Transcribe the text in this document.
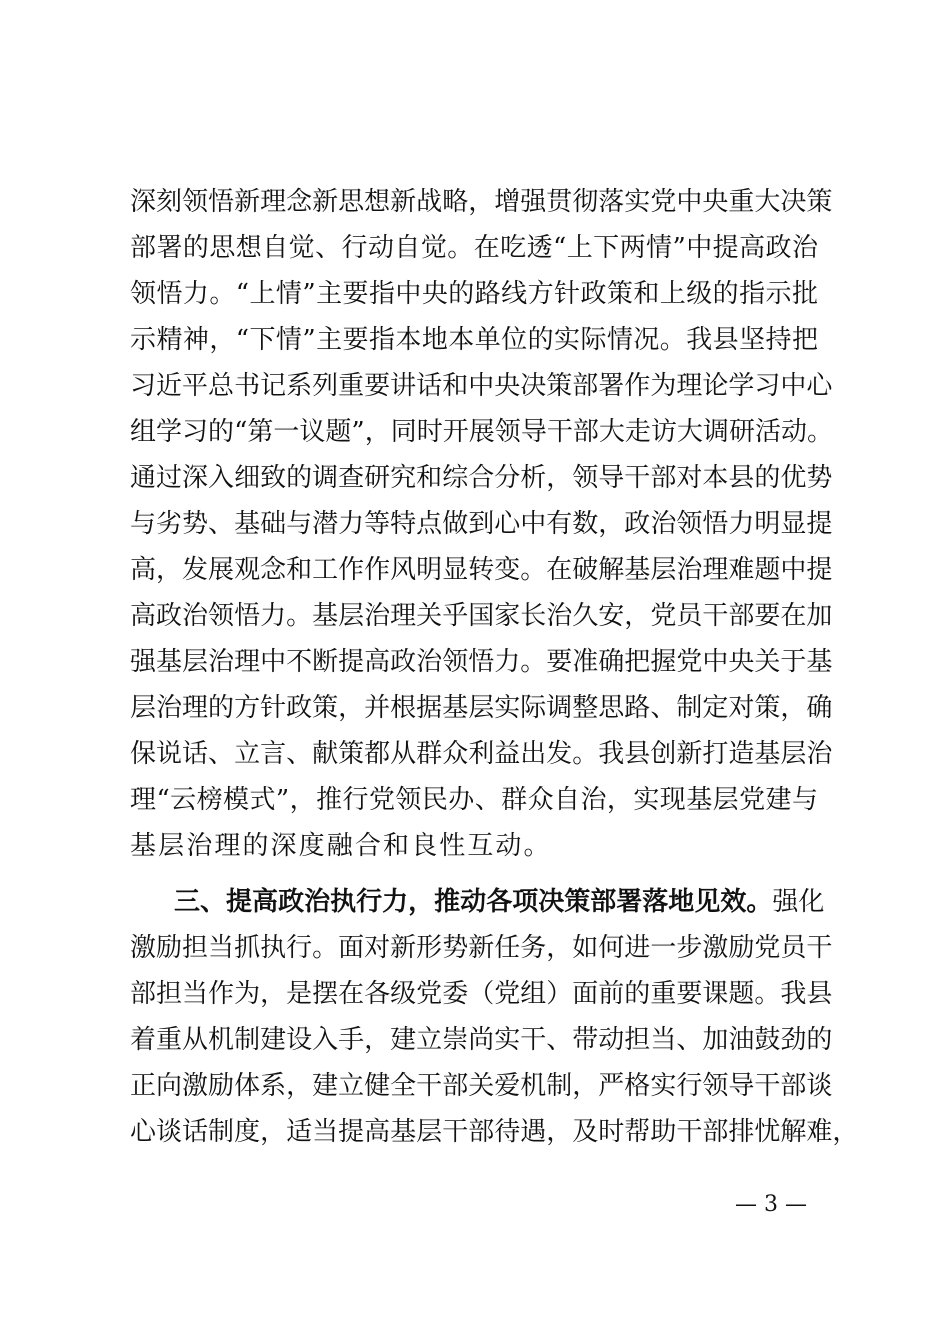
深 刻 领 悟 新 理 念 新 思 想 新 战 略 ， 增 强 贯 彻 落 实 党 中 央 重 大 决 策
部 署 的 思 想 自 觉 、 行 动 自 觉 。 在 吃 透 “ 上 下 两 情 ” 中 提 高 政 治
领 悟 力 。 “ 上 情 ” 主 要 指 中 央 的 路 线 方 针 政 策 和 上 级 的 指 示 批
示 精 神 ， “ 下 情 ” 主 要 指 本 地 本 单 位 的 实 际 情 况 。 我 县 坚 持 把
习 近 平 总 书 记 系 列 重 要 讲 话 和 中 央 决 策 部 署 作 为 理 论 学 习 中 心
组 学 习 的 “ 第 一 议 题 ” ， 同 时 开 展 领 导 干 部 大 走 访 大 调 研 活 动 。
通 过 深 入 细 致 的 调 查 研 究 和 综 合 分 析 ， 领 导 干 部 对 本 县 的 优 势
与 劣 势 、 基 础 与 潜 力 等 特 点 做 到 心 中 有 数 ， 政 治 领 悟 力 明 显 提
高 ， 发 展 观 念 和 工 作 作 风 明 显 转 变 。 在 破 解 基 层 治 理 难 题 中 提
高 政 治 领 悟 力 。 基 层 治 理 关 乎 国 家 长 治 久 安 ， 党 员 干 部 要 在 加
强 基 层 治 理 中 不 断 提 高 政 治 领 悟 力 。 要 准 确 把 握 党 中 央 关 于 基
层 治 理 的 方 针 政 策 ， 并 根 据 基 层 实 际 调 整 思 路 、 制 定 对 策 ， 确
保 说 话 、 立 言 、 献 策 都 从 群 众 利 益 出 发 。 我 县 创 新 打 造 基 层 治
理 “ 云 榜 模 式 ” ， 推 行 党 领 民 办 、 群 众 自 治 ， 实 现 基 层 党 建 与
基 层 治 理 的 深 度 融 合 和 良 性 互 动 。
三 、 提 高 政 治 执 行 力 ， 推 动 各 项 决 策 部 署 落 地 见 效 。 强 化
激 励 担 当 抓 执 行 。 面 对 新 形 势 新 任 务 ， 如 何 进 一 步 激 励 党 员 干
部 担 当 作 为 ， 是 摆 在 各 级 党 委 （ 党 组 ） 面 前 的 重 要 课 题 。 我 县
着 重 从 机 制 建 设 入 手 ， 建 立 崇 尚 实 干 、 带 动 担 当 、 加 油 鼓 劲 的
正 向 激 励 体 系 ， 建 立 健 全 干 部 关 爱 机 制 ， 严 格 实 行 领 导 干 部 谈
心 谈 话 制 度 ， 适 当 提 高 基 层 干 部 待 遇 ， 及 时 帮 助 干 部 排 忧 解 难 ，
— 3 —
